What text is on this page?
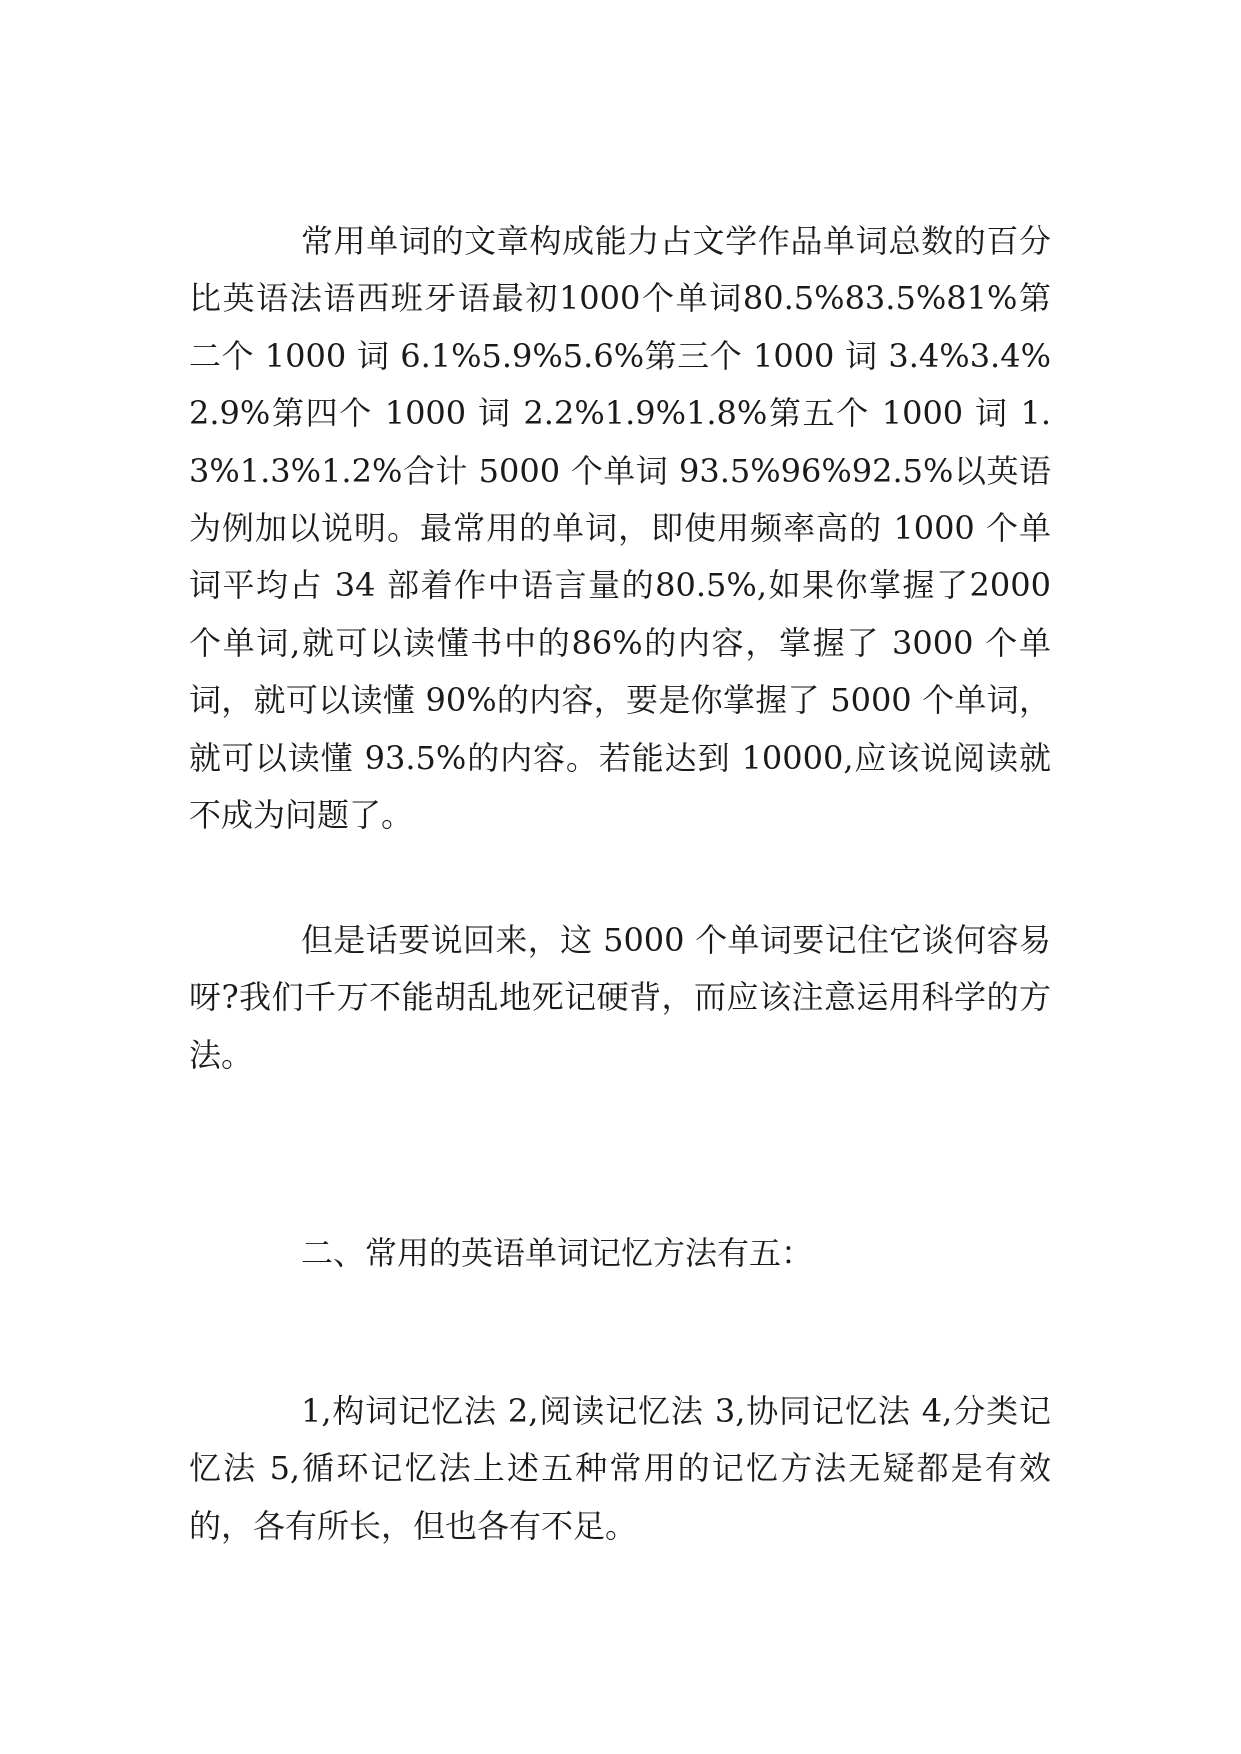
常用单词的文章构成能力占文学作品单词总数的百分比英语法语西班牙语最初1000个单词80.5%83.5%81%第二个 1000 词 6.1%5.9%5.6%第三个 1000 词 3.4%3.4%2.9%第四个 1000 词 2.2%1.9%1.8%第五个 1000 词 1.3%1.3%1.2%合计 5000 个单词 93.5%96%92.5%以英语为例加以说明。最常用的单词，即使用频率高的 1000 个单词平均占 34 部着作中语言量的80.5%,如果你掌握了2000个单词,就可以读懂书中的86%的内容，掌握了 3000 个单词，就可以读懂 90%的内容，要是你掌握了 5000 个单词，就可以读懂 93.5%的内容。若能达到 10000,应该说阅读就不成为问题了。

但是话要说回来，这 5000 个单词要记住它谈何容易呀?我们千万不能胡乱地死记硬背，而应该注意运用科学的方法。

二、常用的英语单词记忆方法有五：

1,构词记忆法 2,阅读记忆法 3,协同记忆法 4,分类记忆法 5,循环记忆法上述五种常用的记忆方法无疑都是有效的，各有所长，但也各有不足。
